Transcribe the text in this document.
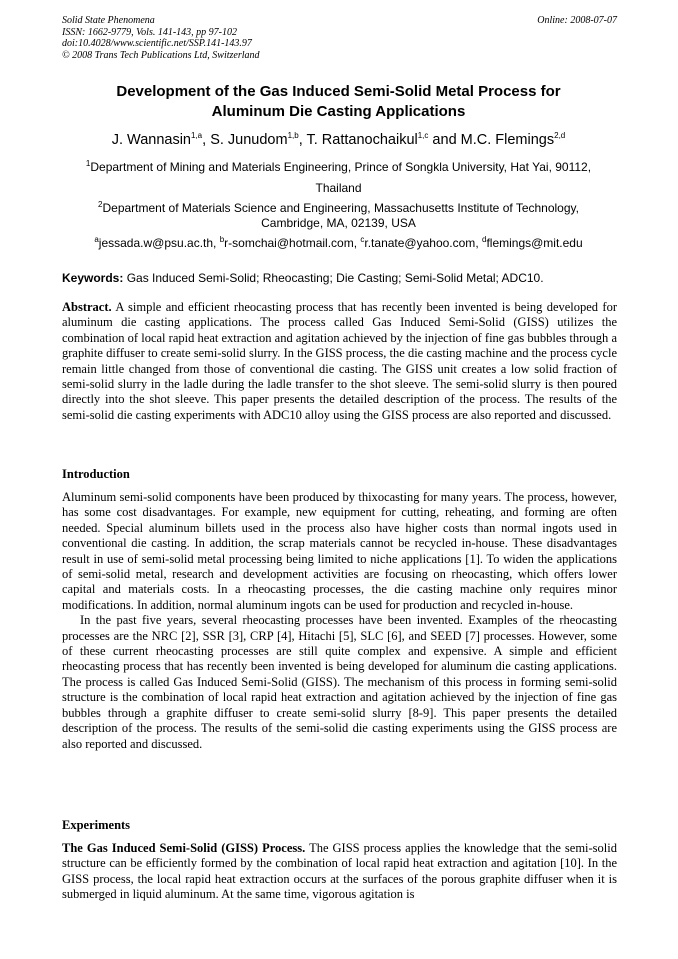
Solid State Phenomena
ISSN: 1662-9779, Vols. 141-143, pp 97-102
doi:10.4028/www.scientific.net/SSP.141-143.97
© 2008 Trans Tech Publications Ltd, Switzerland
Online: 2008-07-07
Development of the Gas Induced Semi-Solid Metal Process for
Aluminum Die Casting Applications
J. Wannasin$^{1,a}$, S. Junudom$^{1,b}$, T. Rattanochaikul$^{1,c}$ and M.C. Flemings$^{2,d}$
$^1$Department of Mining and Materials Engineering, Prince of Songkla University, Hat Yai, 90112,
Thailand
$^2$Department of Materials Science and Engineering, Massachusetts Institute of Technology,
Cambridge, MA, 02139, USA
$^a$jessada.w@psu.ac.th, $^b$r-somchai@hotmail.com, $^c$r.tanate@yahoo.com, $^d$flemings@mit.edu
Keywords: Gas Induced Semi-Solid; Rheocasting; Die Casting; Semi-Solid Metal; ADC10.
Abstract. A simple and efficient rheocasting process that has recently been invented is being developed for aluminum die casting applications. The process called Gas Induced Semi-Solid (GISS) utilizes the combination of local rapid heat extraction and agitation achieved by the injection of fine gas bubbles through a graphite diffuser to create semi-solid slurry. In the GISS process, the die casting machine and the process cycle remain little changed from those of conventional die casting. The GISS unit creates a low solid fraction of semi-solid slurry in the ladle during the ladle transfer to the shot sleeve. The semi-solid slurry is then poured directly into the shot sleeve. This paper presents the detailed description of the process. The results of the semi-solid die casting experiments with ADC10 alloy using the GISS process are also reported and discussed.
Introduction

Aluminum semi-solid components have been produced by thixocasting for many years. The process, however, has some cost disadvantages. For example, new equipment for cutting, reheating, and forming are often needed. Special aluminum billets used in the process also have higher costs than normal ingots used in conventional die casting. In addition, the scrap materials cannot be recycled in-house. These disadvantages result in use of semi-solid metal processing being limited to niche applications [1]. To widen the applications of semi-solid metal, research and development activities are focusing on rheocasting, which offers lower capital and materials costs. In a rheocasting processes, the die casting machine only requires minor modifications. In addition, normal aluminum ingots can be used for production and recycled in-house.

In the past five years, several rheocasting processes have been invented. Examples of the rheocasting processes are the NRC [2], SSR [3], CRP [4], Hitachi [5], SLC [6], and SEED [7] processes. However, some of these current rheocasting processes are still quite complex and expensive. A simple and efficient rheocasting process that has recently been invented is being developed for aluminum die casting applications. The process is called Gas Induced Semi-Solid (GISS). The mechanism of this process in forming semi-solid structure is the combination of local rapid heat extraction and agitation achieved by the injection of fine gas bubbles through a graphite diffuser to create semi-solid slurry [8-9]. This paper presents the detailed description of the process. The results of the semi-solid die casting experiments using the GISS process are also reported and discussed.

Experiments
The Gas Induced Semi-Solid (GISS) Process. The GISS process applies the knowledge that the semi-solid structure can be efficiently formed by the combination of local rapid heat extraction and agitation [10]. In the GISS process, the local rapid heat extraction occurs at the surfaces of the porous graphite diffuser when it is submerged in liquid aluminum. At the same time, vigorous agitation is
